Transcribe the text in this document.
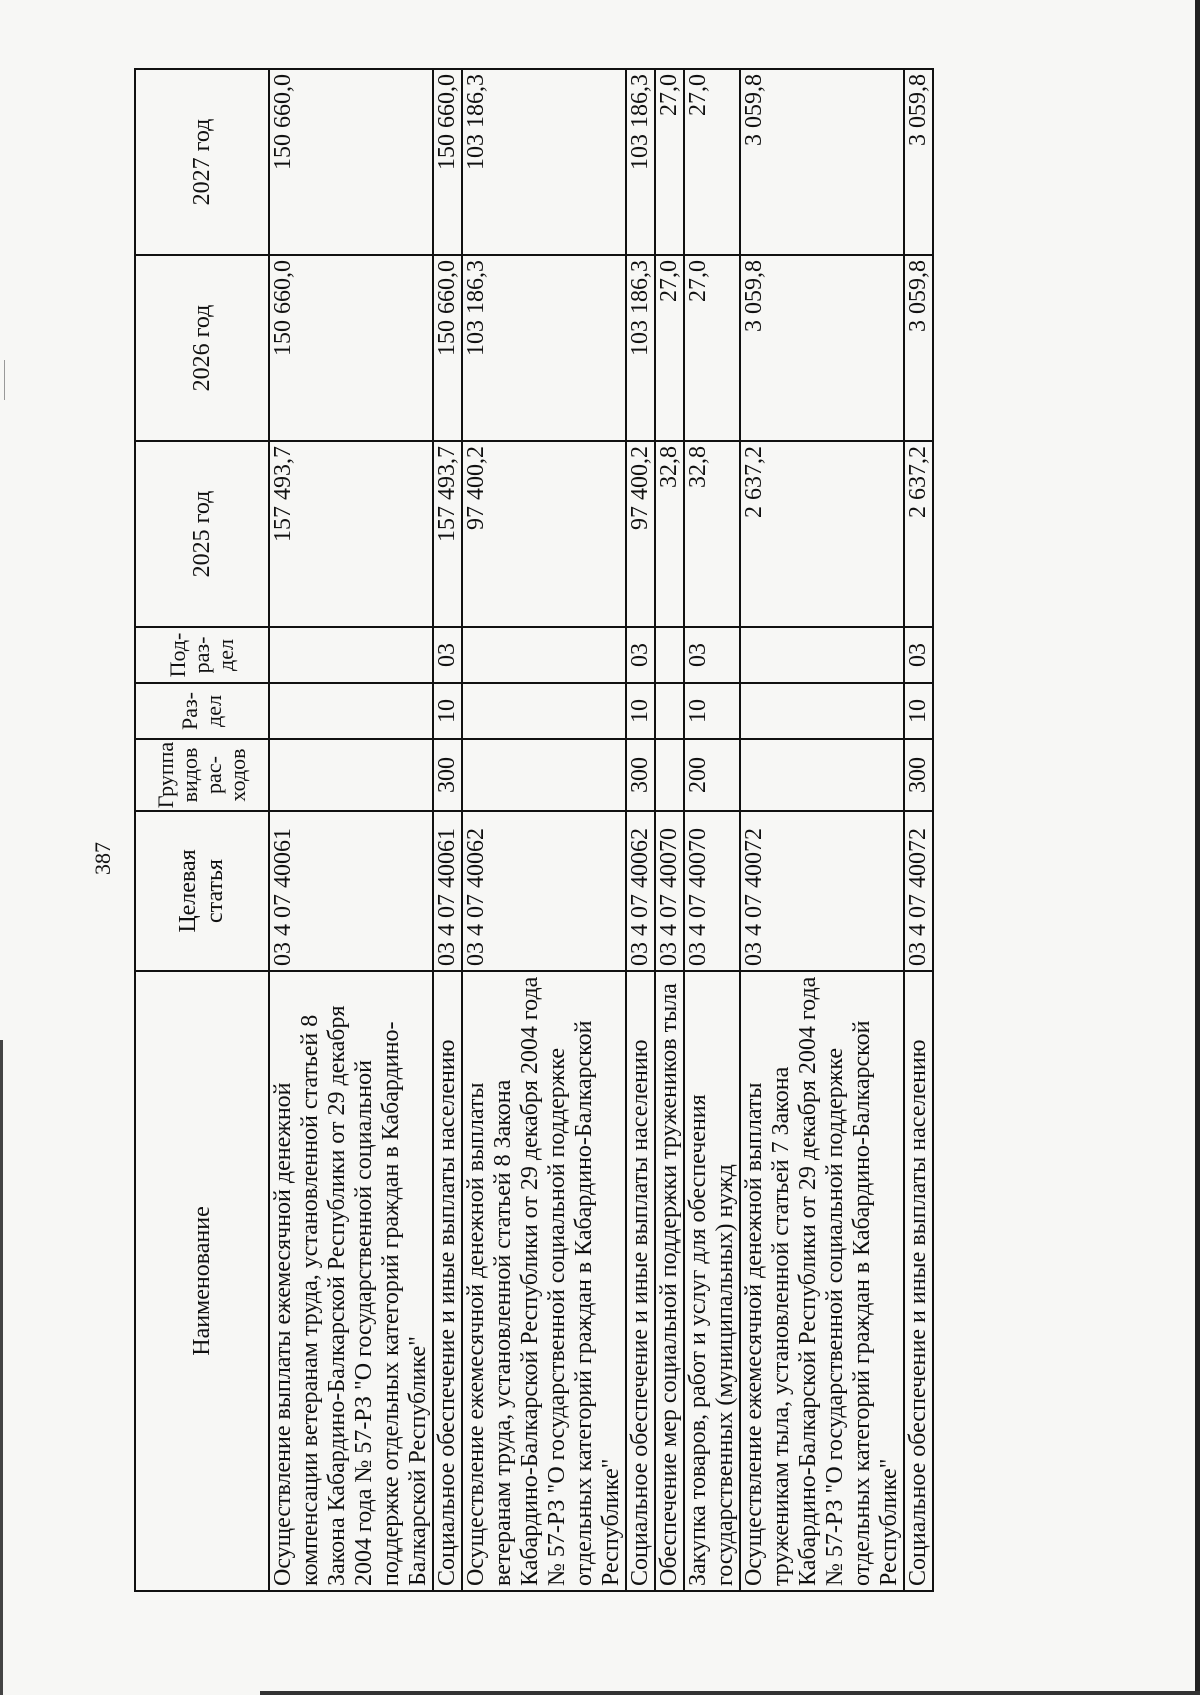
387
Наименование	Целевая статья	Группа видов рас-ходов	Раз-дел	Под-раз-дел	2025 год	2026 год	2027 год
Осуществление выплаты ежемесячной денежной компенсации ветеранам труда, установленной статьей 8 Закона Кабардино-Балкарской Республики от 29 декабря 2004 года № 57-РЗ "О государственной социальной поддержке отдельных категорий граждан в Кабардино-Балкарской Республике"	03 4 07 40061				157 493,7	150 660,0	150 660,0
Социальное обеспечение и иные выплаты населению	03 4 07 40061	300	10	03	157 493,7	150 660,0	150 660,0
Осуществление ежемесячной денежной выплаты ветеранам труда, установленной статьей 8 Закона Кабардино-Балкарской Республики от 29 декабря 2004 года № 57-РЗ "О государственной социальной поддержке отдельных категорий граждан в Кабардино-Балкарской Республике"	03 4 07 40062				97 400,2	103 186,3	103 186,3
Социальное обеспечение и иные выплаты населению	03 4 07 40062	300	10	03	97 400,2	103 186,3	103 186,3
Обеспечение мер социальной поддержки тружеников тыла	03 4 07 40070				32,8	27,0	27,0
Закупка товаров, работ и услуг для обеспечения государственных (муниципальных) нужд	03 4 07 40070	200	10	03	32,8	27,0	27,0
Осуществление ежемесячной денежной выплаты труженикам тыла, установленной статьей 7 Закона Кабардино-Балкарской Республики от 29 декабря 2004 года № 57-РЗ "О государственной социальной поддержке отдельных категорий граждан в Кабардино-Балкарской Республике"	03 4 07 40072				2 637,2	3 059,8	3 059,8
Социальное обеспечение и иные выплаты населению	03 4 07 40072	300	10	03	2 637,2	3 059,8	3 059,8
